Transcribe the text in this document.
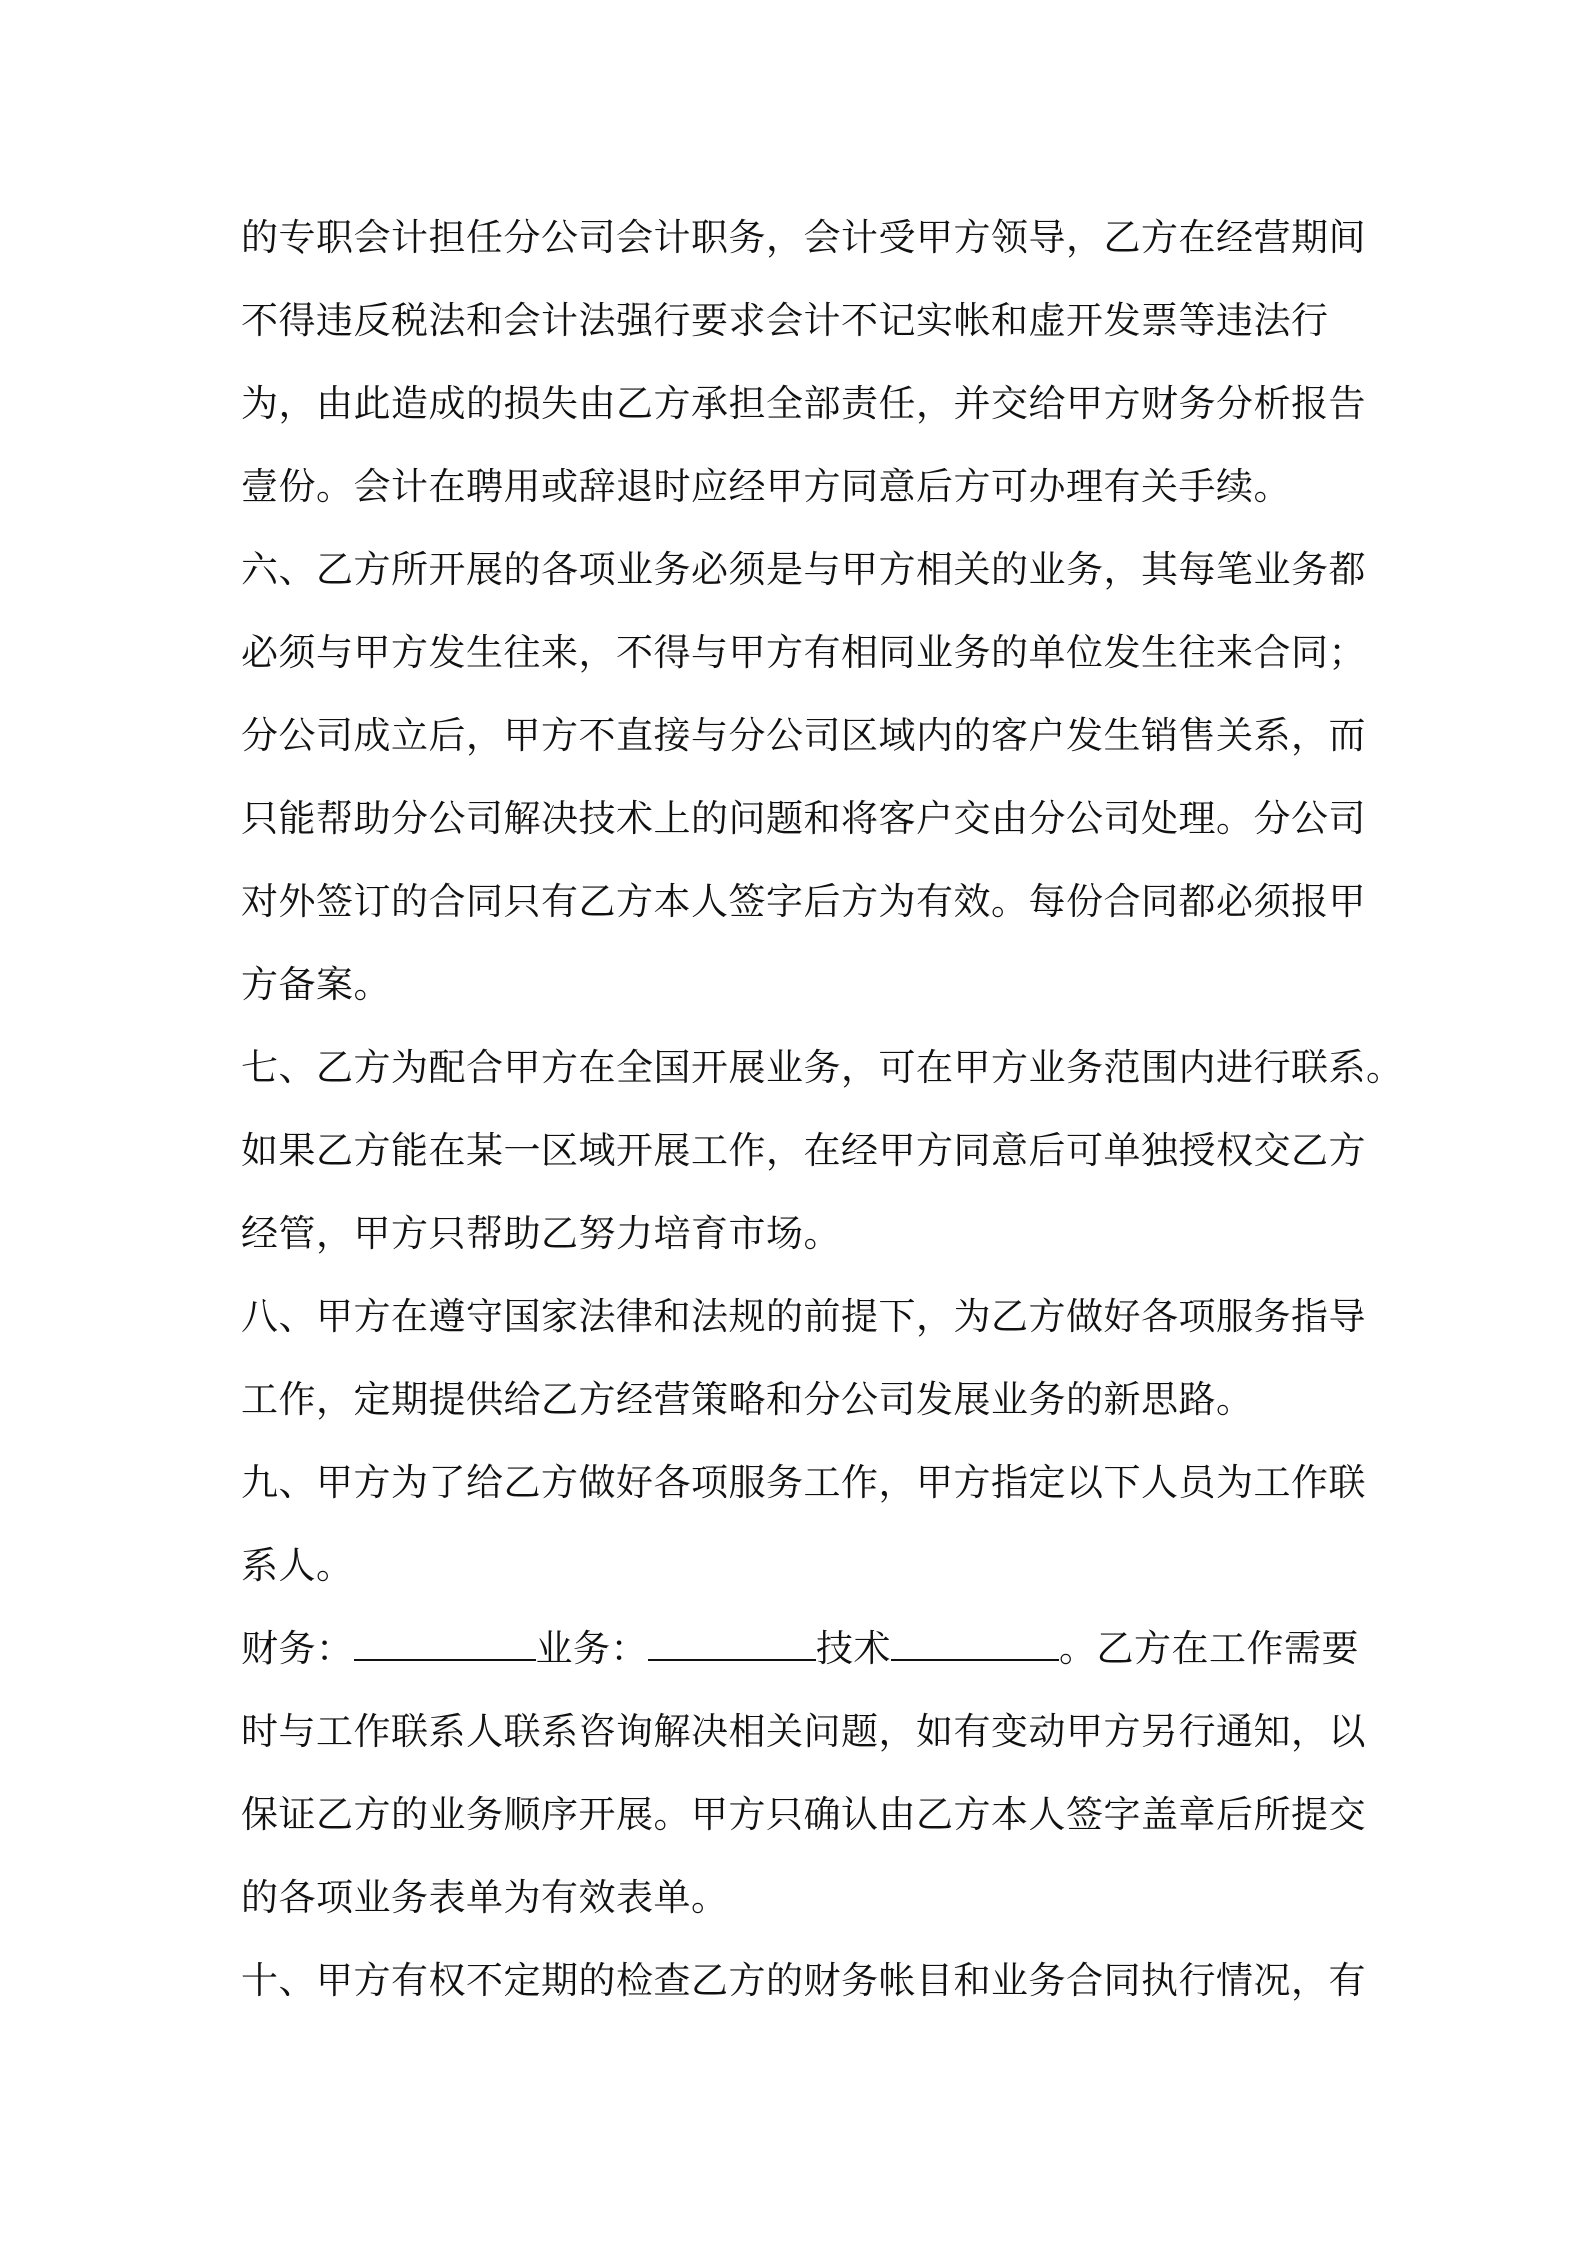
的专职会计担任分公司会计职务，会计受甲方领导，乙方在经营期间
不得违反税法和会计法强行要求会计不记实帐和虚开发票等违法行
为，由此造成的损失由乙方承担全部责任，并交给甲方财务分析报告
壹份。会计在聘用或辞退时应经甲方同意后方可办理有关手续。
六、乙方所开展的各项业务必须是与甲方相关的业务，其每笔业务都
必须与甲方发生往来，不得与甲方有相同业务的单位发生往来合同；
分公司成立后，甲方不直接与分公司区域内的客户发生销售关系，而
只能帮助分公司解决技术上的问题和将客户交由分公司处理。分公司
对外签订的合同只有乙方本人签字后方为有效。每份合同都必须报甲
方备案。
七、乙方为配合甲方在全国开展业务，可在甲方业务范围内进行联系。
如果乙方能在某一区域开展工作，在经甲方同意后可单独授权交乙方
经管，甲方只帮助乙努力培育市场。
八、甲方在遵守国家法律和法规的前提下，为乙方做好各项服务指导
工作，定期提供给乙方经营策略和分公司发展业务的新思路。
九、甲方为了给乙方做好各项服务工作，甲方指定以下人员为工作联
系人。
财务：	业务：	技术	。乙方在工作需要
时与工作联系人联系咨询解决相关问题，如有变动甲方另行通知，以
保证乙方的业务顺序开展。甲方只确认由乙方本人签字盖章后所提交
的各项业务表单为有效表单。
十、甲方有权不定期的检查乙方的财务帐目和业务合同执行情况，有
